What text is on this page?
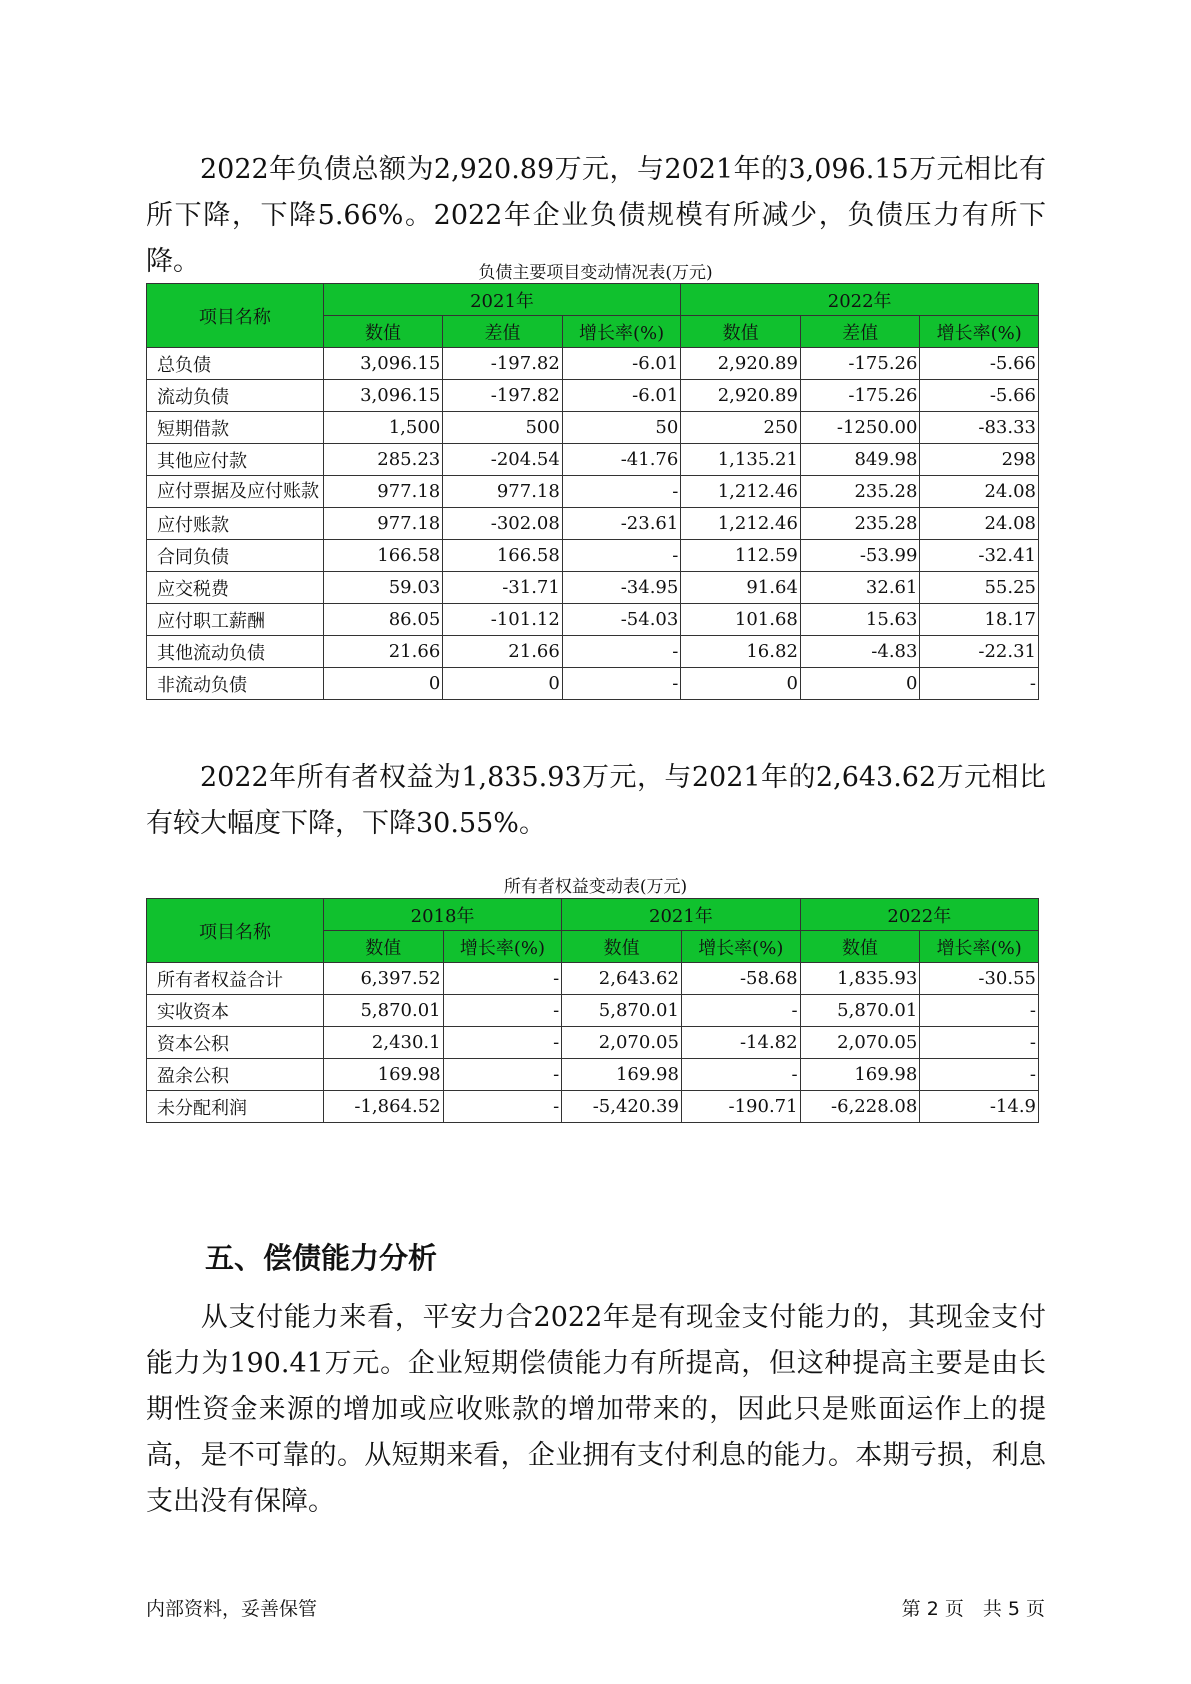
2022年负债总额为2,920.89万元，与2021年的3,096.15万元相比有所下降，下降5.66%。2022年企业负债规模有所减少，负债压力有所下降。	负债主要项目变动情况表(万元)
项目名称	2021年			2022年		
	数值	差值	增长率(%)	数值	差值	增长率(%)
总负债	3,096.15	-197.82	-6.01	2,920.89	-175.26	-5.66
流动负债	3,096.15	-197.82	-6.01	2,920.89	-175.26	-5.66
短期借款	1,500	500	50	250	-1250.00	-83.33
其他应付款	285.23	-204.54	-41.76	1,135.21	849.98	298
应付票据及应付账款	977.18	977.18	-	1,212.46	235.28	24.08
应付账款	977.18	-302.08	-23.61	1,212.46	235.28	24.08
合同负债	166.58	166.58	-	112.59	-53.99	-32.41
应交税费	59.03	-31.71	-34.95	91.64	32.61	55.25
应付职工薪酬	86.05	-101.12	-54.03	101.68	15.63	18.17
其他流动负债	21.66	21.66	-	16.82	-4.83	-22.31
非流动负债	0	0	-	0	0	-

2022年所有者权益为1,835.93万元，与2021年的2,643.62万元相比有较大幅度下降，下降30.55%。

所有者权益变动表(万元)
项目名称	2018年		2021年		2022年	
	数值	增长率(%)	数值	增长率(%)	数值	增长率(%)
所有者权益合计	6,397.52	-	2,643.62	-58.68	1,835.93	-30.55
实收资本	5,870.01	-	5,870.01	-	5,870.01	-
资本公积	2,430.1	-	2,070.05	-14.82	2,070.05	-
盈余公积	169.98	-	169.98	-	169.98	-
未分配利润	-1,864.52	-	-5,420.39	-190.71	-6,228.08	-14.9
五、偿债能力分析

从支付能力来看，平安力合2022年是有现金支付能力的，其现金支付能力为190.41万元。企业短期偿债能力有所提高，但这种提高主要是由长期性资金来源的增加或应收账款的增加带来的，因此只是账面运作上的提高，是不可靠的。从短期来看，企业拥有支付利息的能力。本期亏损，利息支出没有保障。

内部资料，妥善保管	第 2 页　共 5 页
